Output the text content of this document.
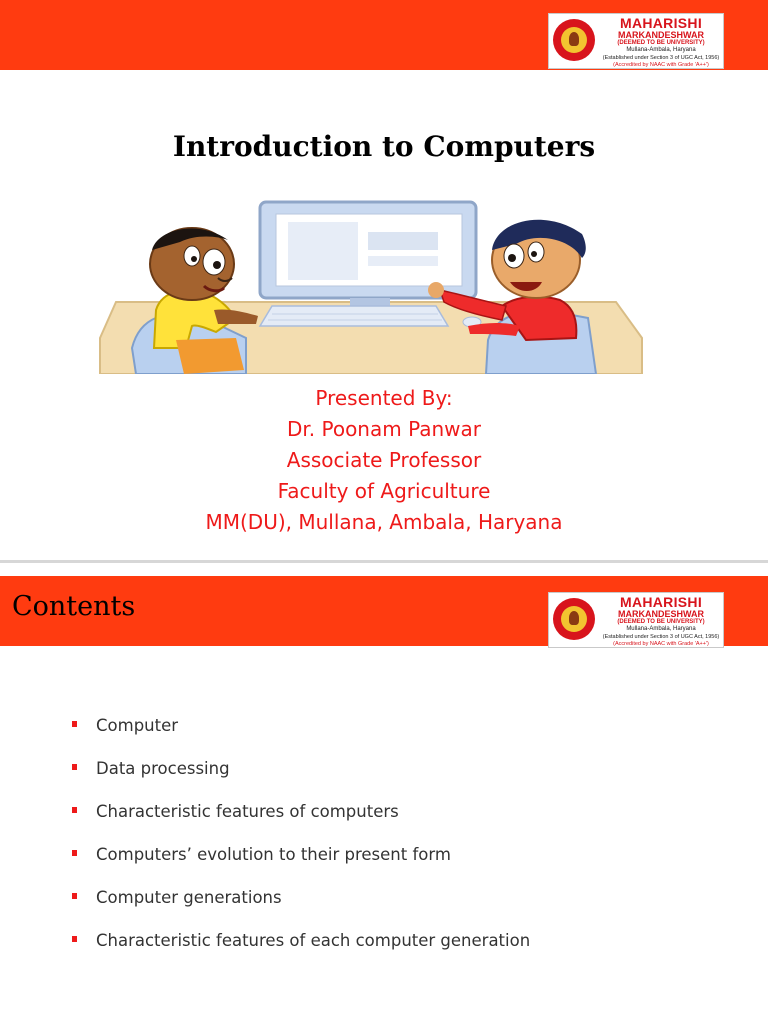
MAHARISHI
MARKANDESHWAR
(DEEMED TO BE UNIVERSITY)
Mullana-Ambala, Haryana
(Established under Section 3 of UGC Act, 1956)
(Accredited by NAAC with Grade 'A++')
Introduction to Computers
Presented By:
Dr. Poonam Panwar
Associate Professor
Faculty of Agriculture
MM(DU), Mullana, Ambala, Haryana
Contents	MAHARISHI
MARKANDESHWAR
(DEEMED TO BE UNIVERSITY)
Mullana-Ambala, Haryana
(Established under Section 3 of UGC Act, 1956)
(Accredited by NAAC with Grade 'A++')
Computer
Data processing
Characteristic features of computers
Computers’ evolution to their present form
Computer generations
Characteristic features of each computer generation
